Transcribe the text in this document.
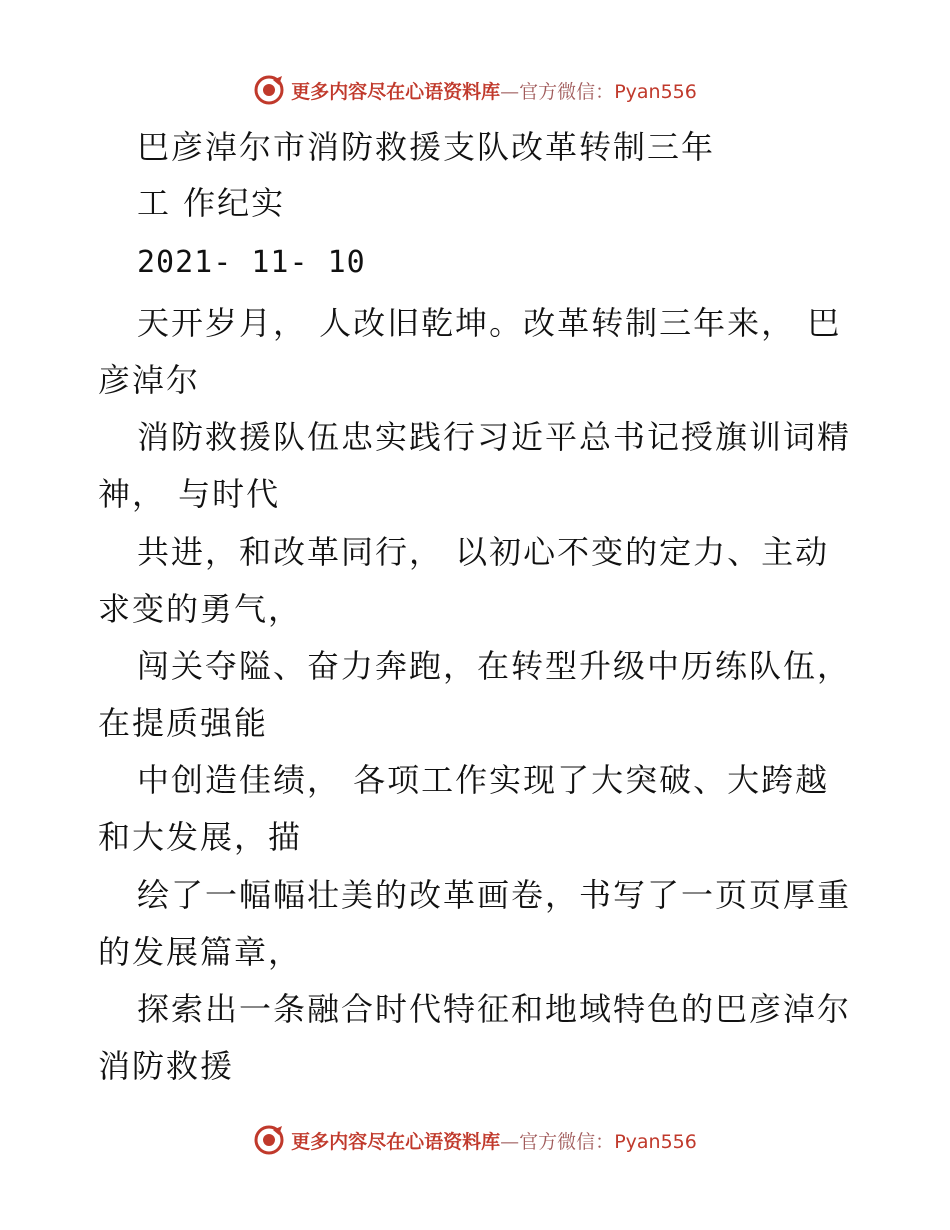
更多内容尽在心语资料库—官方微信：Pyan556
巴彦淖尔市消防救援支队改革转制三年
工 作纪实
2021- 11- 10
天开岁月， 人改旧乾坤。改革转制三年来， 巴
彦淖尔
消防救援队伍忠实践行习近平总书记授旗训词精
神， 与时代
共进，和改革同行， 以初心不变的定力、主动
求变的勇气，
闯关夺隘、奋力奔跑，在转型升级中历练队伍，
在提质强能
中创造佳绩， 各项工作实现了大突破、大跨越
和大发展，描
绘了一幅幅壮美的改革画卷，书写了一页页厚重
的发展篇章，
探索出一条融合时代特征和地域特色的巴彦淖尔
消防救援
更多内容尽在心语资料库—官方微信：Pyan556
